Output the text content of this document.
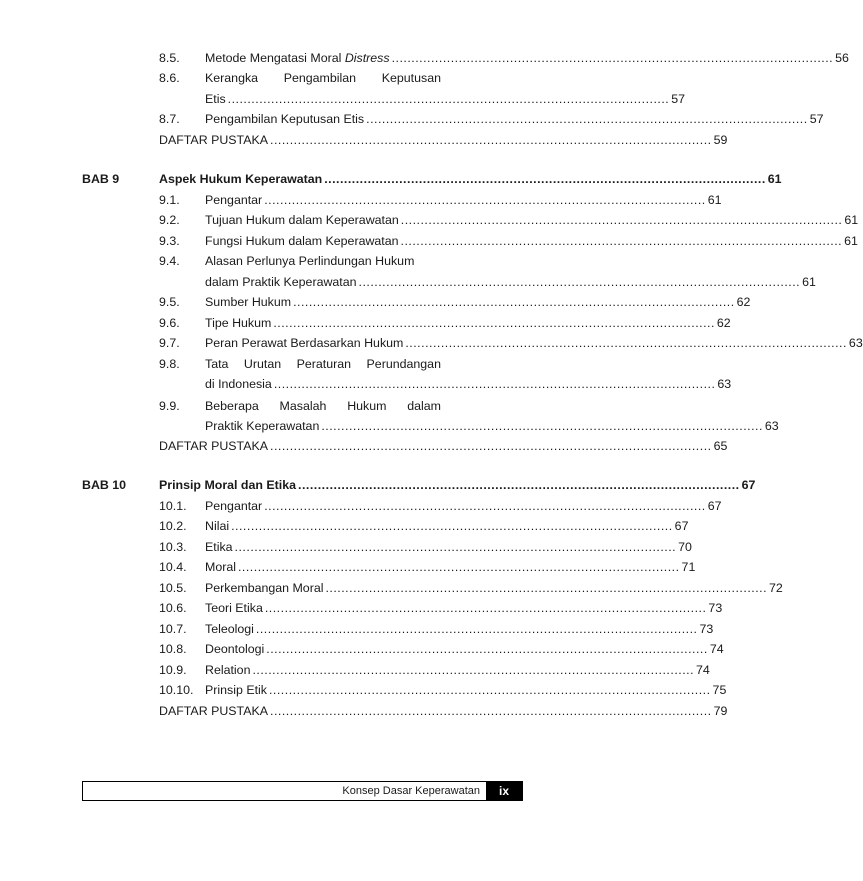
8.5. Metode Mengatasi Moral Distress ................................................................................................................ 56
8.6. Kerangka Pengambilan Keputusan
Etis ................................................................................................................ 57
8.7. Pengambilan Keputusan Etis ................................................................................................................ 57
DAFTAR PUSTAKA ................................................................................................................ 59
BAB 9	Aspek Hukum Keperawatan ................................................................................................................ 61
9.1. Pengantar ................................................................................................................ 61
9.2. Tujuan Hukum dalam Keperawatan ................................................................................................................ 61
9.3. Fungsi Hukum dalam Keperawatan ................................................................................................................ 61
9.4. Alasan Perlunya Perlindungan Hukum
dalam Praktik Keperawatan ................................................................................................................ 61
9.5. Sumber Hukum ................................................................................................................ 62
9.6. Tipe Hukum ................................................................................................................ 62
9.7. Peran Perawat Berdasarkan Hukum ................................................................................................................ 63
9.8. Tata Urutan Peraturan Perundangan
di Indonesia ................................................................................................................ 63
9.9. Beberapa Masalah Hukum dalam
Praktik Keperawatan ................................................................................................................ 63
DAFTAR PUSTAKA ................................................................................................................ 65
BAB 10	Prinsip Moral dan Etika ................................................................................................................ 67
10.1. Pengantar ................................................................................................................ 67
10.2. Nilai ................................................................................................................ 67
10.3. Etika ................................................................................................................ 70
10.4. Moral ................................................................................................................ 71
10.5. Perkembangan Moral ................................................................................................................ 72
10.6. Teori Etika ................................................................................................................ 73
10.7. Teleologi ................................................................................................................ 73
10.8. Deontologi ................................................................................................................ 74
10.9. Relation ................................................................................................................ 74
10.10. Prinsip Etik ................................................................................................................ 75
DAFTAR PUSTAKA ................................................................................................................ 79
Konsep Dasar Keperawatan	ix
